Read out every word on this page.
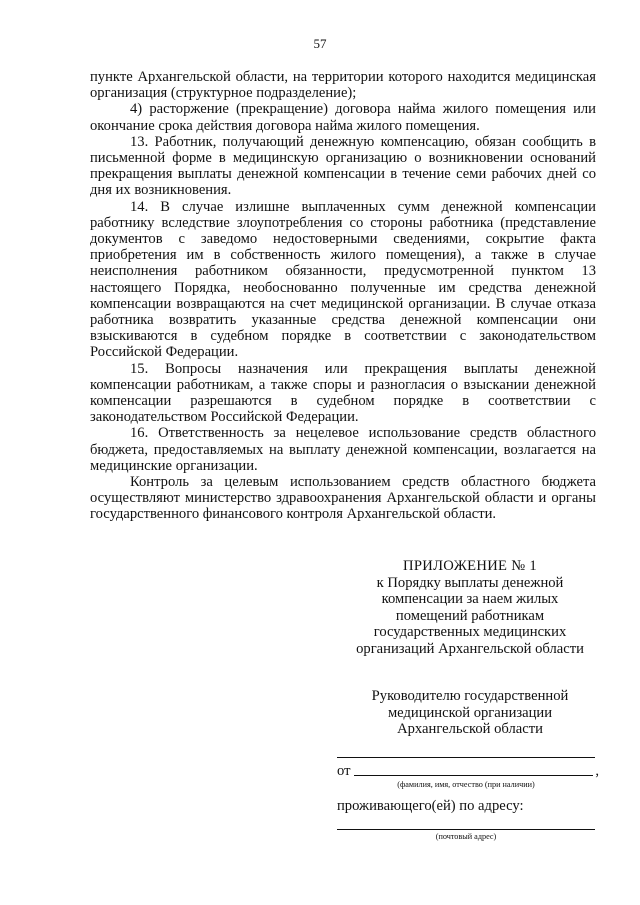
57

пункте Архангельской области, на территории которого находится медицинская организация (структурное подразделение);

4) расторжение (прекращение) договора найма жилого помещения или окончание срока действия договора найма жилого помещения.

13. Работник, получающий денежную компенсацию, обязан сообщить в письменной форме в медицинскую организацию о возникновении оснований прекращения выплаты денежной компенсации в течение семи рабочих дней со дня их возникновения.

14. В случае излишне выплаченных сумм денежной компенсации работнику вследствие злоупотребления со стороны работника (представление документов с заведомо недостоверными сведениями, сокрытие факта приобретения им в собственность жилого помещения), а также в случае неисполнения работником обязанности, предусмотренной пунктом 13 настоящего Порядка, необоснованно полученные им средства денежной компенсации возвращаются на счет медицинской организации. В случае отказа работника возвратить указанные средства денежной компенсации они взыскиваются в судебном порядке в соответствии с законодательством Российской Федерации.

15. Вопросы назначения или прекращения выплаты денежной компенсации работникам, а также споры и разногласия о взыскании денежной компенсации разрешаются в судебном порядке в соответствии с законодательством Российской Федерации.

16. Ответственность за нецелевое использование средств областного бюджета, предоставляемых на выплату денежной компенсации, возлагается на медицинские организации.

Контроль за целевым использованием средств областного бюджета осуществляют министерство здравоохранения Архангельской области и органы государственного финансового контроля Архангельской области.

ПРИЛОЖЕНИЕ № 1
к Порядку выплаты денежной
компенсации за наем жилых
помещений работникам
государственных медицинских
организаций Архангельской области
Руководителю государственной
медицинской организации
Архангельской области
от	,
(фамилия, имя, отчество (при наличии)
проживающего(ей) по адресу:
(почтовый адрес)
